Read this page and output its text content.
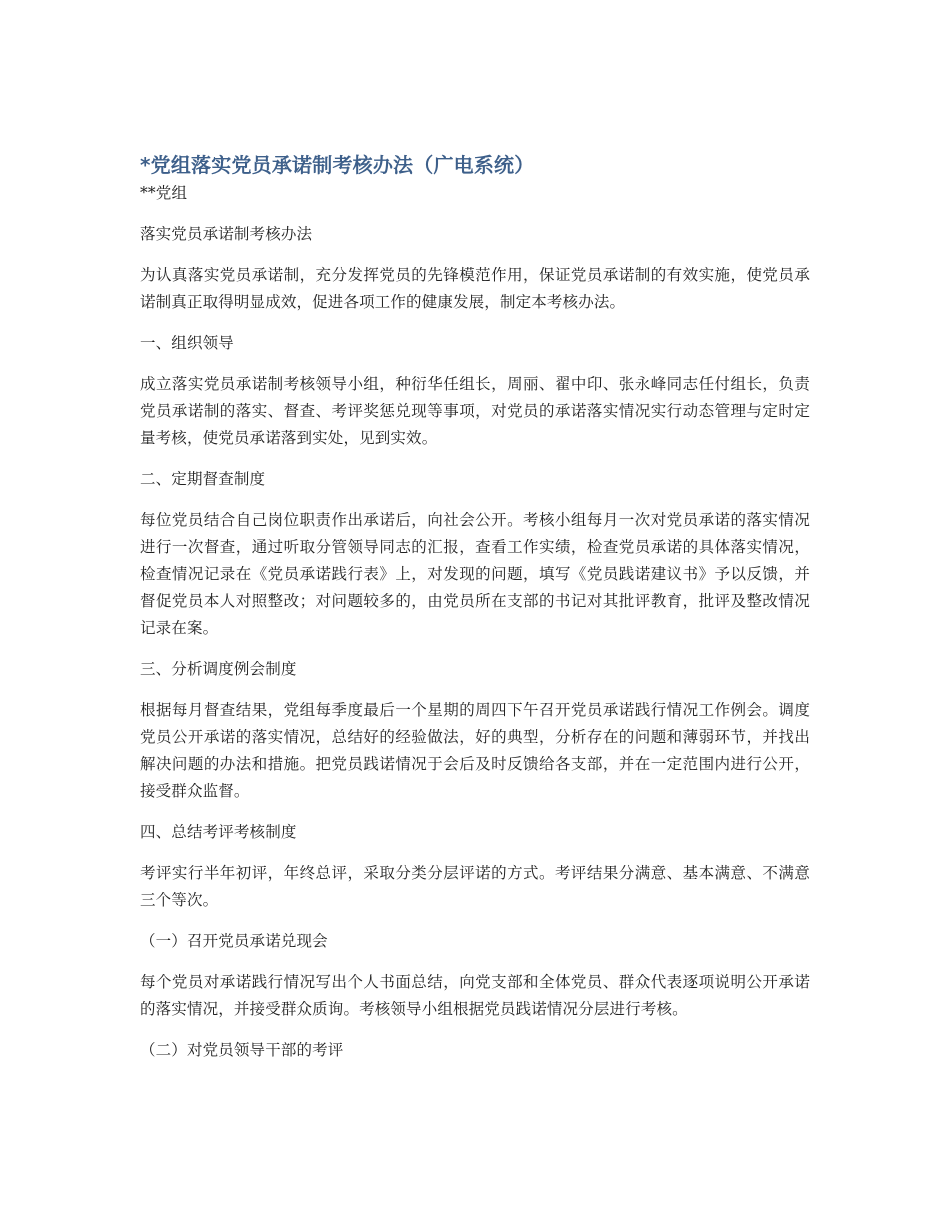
*党组落实党员承诺制考核办法（广电系统）

**党组

落实党员承诺制考核办法

为认真落实党员承诺制，充分发挥党员的先锋模范作用，保证党员承诺制的有效实施，使党员承诺制真正取得明显成效，促进各项工作的健康发展，制定本考核办法。

一、组织领导

成立落实党员承诺制考核领导小组，种衍华任组长，周丽、翟中印、张永峰同志任付组长，负责党员承诺制的落实、督查、考评奖惩兑现等事项，对党员的承诺落实情况实行动态管理与定时定量考核，使党员承诺落到实处，见到实效。

二、定期督查制度

每位党员结合自己岗位职责作出承诺后，向社会公开。考核小组每月一次对党员承诺的落实情况进行一次督查，通过听取分管领导同志的汇报，查看工作实绩，检查党员承诺的具体落实情况，检查情况记录在《党员承诺践行表》上，对发现的问题，填写《党员践诺建议书》予以反馈，并督促党员本人对照整改；对问题较多的，由党员所在支部的书记对其批评教育，批评及整改情况记录在案。

三、分析调度例会制度

根据每月督查结果，党组每季度最后一个星期的周四下午召开党员承诺践行情况工作例会。调度党员公开承诺的落实情况，总结好的经验做法，好的典型，分析存在的问题和薄弱环节，并找出解决问题的办法和措施。把党员践诺情况于会后及时反馈给各支部，并在一定范围内进行公开，接受群众监督。

四、总结考评考核制度

考评实行半年初评，年终总评，采取分类分层评诺的方式。考评结果分满意、基本满意、不满意三个等次。

（一）召开党员承诺兑现会

每个党员对承诺践行情况写出个人书面总结，向党支部和全体党员、群众代表逐项说明公开承诺的落实情况，并接受群众质询。考核领导小组根据党员践诺情况分层进行考核。

（二）对党员领导干部的考评
